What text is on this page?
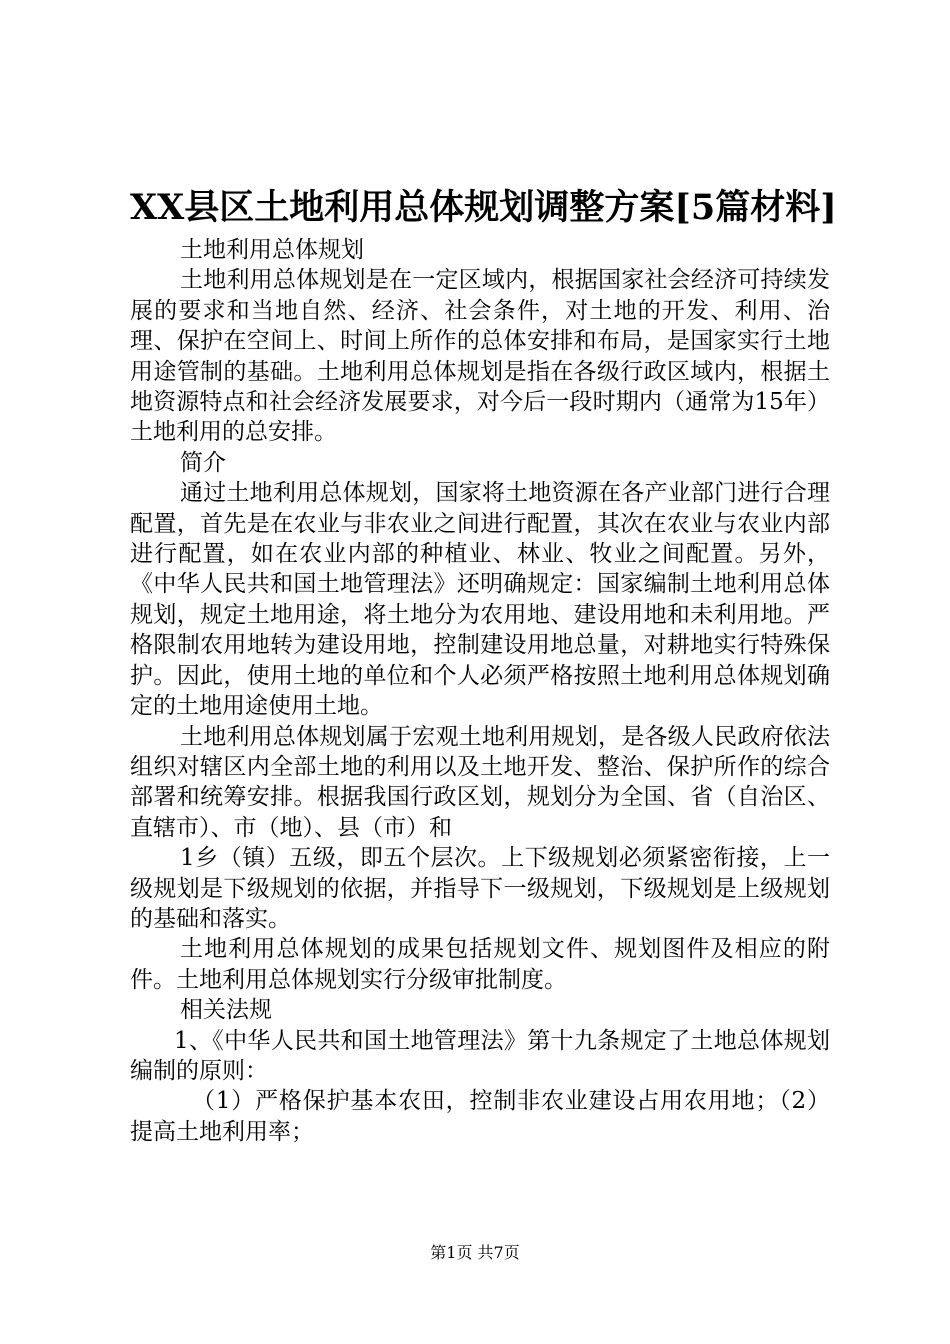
XX县区土地利用总体规划调整方案[5篇材料]

土地利用总体规划

土地利用总体规划是在一定区域内，根据国家社会经济可持续发展的要求和当地自然、经济、社会条件，对土地的开发、利用、治理、保护在空间上、时间上所作的总体安排和布局，是国家实行土地用途管制的基础。土地利用总体规划是指在各级行政区域内，根据土地资源特点和社会经济发展要求，对今后一段时期内（通常为15年）土地利用的总安排。

简介

通过土地利用总体规划，国家将土地资源在各产业部门进行合理配置，首先是在农业与非农业之间进行配置，其次在农业与农业内部进行配置，如在农业内部的种植业、林业、牧业之间配置。另外，《中华人民共和国土地管理法》还明确规定：国家编制土地利用总体规划，规定土地用途，将土地分为农用地、建设用地和未利用地。严格限制农用地转为建设用地，控制建设用地总量，对耕地实行特殊保护。因此，使用土地的单位和个人必须严格按照土地利用总体规划确定的土地用途使用土地。

土地利用总体规划属于宏观土地利用规划，是各级人民政府依法组织对辖区内全部土地的利用以及土地开发、整治、保护所作的综合部署和统筹安排。根据我国行政区划，规划分为全国、省（自治区、直辖市）、市（地）、县（市）和

1乡（镇）五级，即五个层次。上下级规划必须紧密衔接，上一级规划是下级规划的依据，并指导下一级规划，下级规划是上级规划的基础和落实。

土地利用总体规划的成果包括规划文件、规划图件及相应的附件。土地利用总体规划实行分级审批制度。

相关法规

1、《中华人民共和国土地管理法》第十九条规定了土地总体规划编制的原则：

（1）严格保护基本农田，控制非农业建设占用农用地；（2）提高土地利用率；

第1页 共7页
